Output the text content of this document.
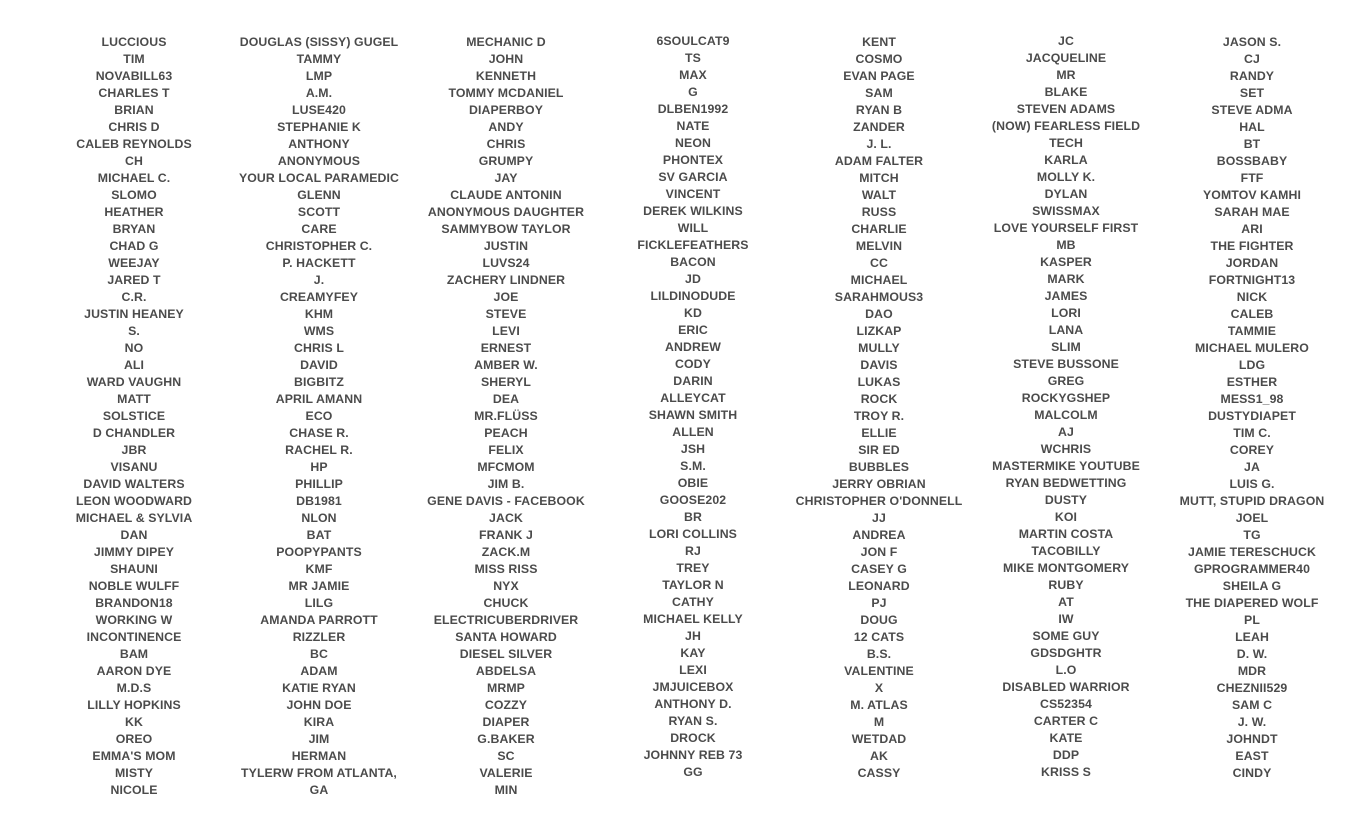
LUCCIOUS
TIM
NOVABILL63
CHARLES T
BRIAN
CHRIS D
CALEB REYNOLDS
CH
MICHAEL C.
SLOMO
HEATHER
BRYAN
CHAD G
WEEJAY
JARED T
C.R.
JUSTIN HEANEY
S.
NO
ALI
WARD VAUGHN
MATT
SOLSTICE
D CHANDLER
JBR
VISANU
DAVID WALTERS
LEON WOODWARD
MICHAEL & SYLVIA
DAN
JIMMY DIPEY
SHAUNI
NOBLE WULFF
BRANDON18
WORKING W
INCONTINENCE
BAM
AARON DYE
M.D.S
LILLY HOPKINS
KK
OREO
EMMA'S MOM
MISTY
NICOLE
DOUGLAS (SISSY) GUGEL
TAMMY
LMP
A.M.
LUSE420
STEPHANIE K
ANTHONY
ANONYMOUS
YOUR LOCAL PARAMEDIC
GLENN
SCOTT
CARE
CHRISTOPHER C.
P. HACKETT
J.
CREAMYFEY
KHM
WMS
CHRIS L
DAVID
BIGBITZ
APRIL AMANN
ECO
CHASE R.
RACHEL R.
HP
PHILLIP
DB1981
NLON
BAT
POOPYPANTS
KMF
MR JAMIE
LILG
AMANDA PARROTT
RIZZLER
BC
ADAM
KATIE RYAN
JOHN DOE
KIRA
JIM
HERMAN
TYLERW FROM ATLANTA, GA
MECHANIC D
JOHN
KENNETH
TOMMY MCDANIEL
DIAPERBOY
ANDY
CHRIS
GRUMPY
JAY
CLAUDE ANTONIN
ANONYMOUS DAUGHTER
SAMMYBOW TAYLOR
JUSTIN
LUVS24
ZACHERY LINDNER
JOE
STEVE
LEVI
ERNEST
AMBER W.
SHERYL
DEA
MR.FLÜSS
PEACH
FELIX
MFCMOM
JIM B.
GENE DAVIS - FACEBOOK
JACK
FRANK J
ZACK.M
MISS RISS
NYX
CHUCK
ELECTRICUBERDRIVER
SANTA HOWARD
DIESEL SILVER
ABDELSA
MRMP
COZZY
DIAPER
G.BAKER
SC
VALERIE
MIN
6SOULCAT9
TS
MAX
G
DLBEN1992
NATE
NEON
PHONTEX
SV GARCIA
VINCENT
DEREK WILKINS
WILL
FICKLEFEATHERS
BACON
JD
LILDINODUDE
KD
ERIC
ANDREW
CODY
DARIN
ALLEYCAT
SHAWN SMITH
ALLEN
JSH
S.M.
OBIE
GOOSE202
BR
LORI COLLINS
RJ
TREY
TAYLOR N
CATHY
MICHAEL KELLY
JH
KAY
LEXI
JMJUICEBOX
ANTHONY D.
RYAN S.
DROCK
JOHNNY REB 73
GG
KENT
COSMO
EVAN PAGE
SAM
RYAN B
ZANDER
J. L.
ADAM FALTER
MITCH
WALT
RUSS
CHARLIE
MELVIN
CC
MICHAEL
SARAHMOUS3
DAO
LIZKAP
MULLY
DAVIS
LUKAS
ROCK
TROY R.
ELLIE
SIR ED
BUBBLES
JERRY OBRIAN
CHRISTOPHER O'DONNELL
JJ
ANDREA
JON F
CASEY G
LEONARD
PJ
DOUG
12 CATS
B.S.
VALENTINE
X
M. ATLAS
M
WETDAD
AK
CASSY
JC
JACQUELINE
MR
BLAKE
STEVEN ADAMS
(NOW) FEARLESS FIELD
TECH
KARLA
MOLLY K.
DYLAN
SWISSMAX
LOVE YOURSELF FIRST
MB
KASPER
MARK
JAMES
LORI
LANA
SLIM
STEVE BUSSONE
GREG
ROCKYGSHEP
MALCOLM
AJ
WCHRIS
MASTERMIKE YOUTUBE
RYAN BEDWETTING
DUSTY
KOI
MARTIN COSTA
TACOBILLY
MIKE MONTGOMERY
RUBY
AT
IW
SOME GUY
GDSDGHTR
L.O
DISABLED WARRIOR
CS52354
CARTER C
KATE
DDP
KRISS S
JASON S.
CJ
RANDY
SET
STEVE ADMA
HAL
BT
BOSSBABY
FTF
YOMTOV KAMHI
SARAH MAE
ARI
THE FIGHTER
JORDAN
FORTNIGHT13
NICK
CALEB
TAMMIE
MICHAEL MULERO
LDG
ESTHER
MESS1_98
DUSTYDIAPET
TIM C.
COREY
JA
LUIS G.
MUTT, STUPID DRAGON
JOEL
TG
JAMIE TERESCHUCK
GPROGRAMMER40
SHEILA G
THE DIAPERED WOLF
PL
LEAH
D. W.
MDR
CHEZNII529
SAM C
J. W.
JOHNDT
EAST
CINDY
